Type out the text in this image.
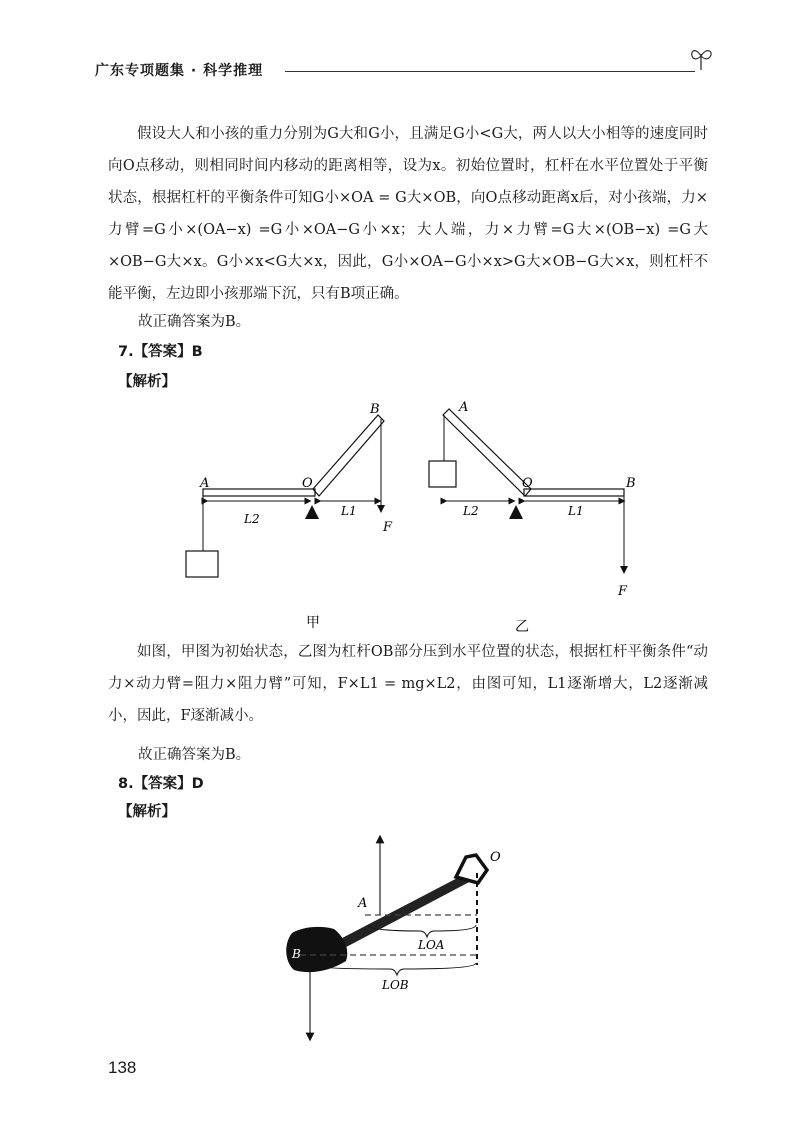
广东专项题集 · 科学推理
假设大人和小孩的重力分别为G大和G小，且满足G小<G大，两人以大小相等的速度同时向O点移动，则相同时间内移动的距离相等，设为x。初始位置时，杠杆在水平位置处于平衡状态，根据杠杆的平衡条件可知G小×OA = G大×OB，向O点移动距离x后，对小孩端，力×力臂=G小×(OA−x) =G小×OA−G小×x；大人端，力×力臂=G大×(OB−x) =G大×OB−G大×x。G小×x<G大×x，因此，G小×OA−G小×x>G大×OB−G大×x，则杠杆不能平衡，左边即小孩那端下沉，只有B项正确。
故正确答案为B。
7.【答案】B
【解析】
A	O
B
F
L2
L1
甲
A
O	B
F
L2	L1
乙
如图，甲图为初始状态，乙图为杠杆OB部分压到水平位置的状态，根据杠杆平衡条件“动力×动力臂=阻力×阻力臂”可知，F×L1 = mg×L2，由图可知，L1逐渐增大，L2逐渐减小，因此，F逐渐减小。
故正确答案为B。
8.【答案】D
【解析】
O
A
B
LOA
LOB
138
